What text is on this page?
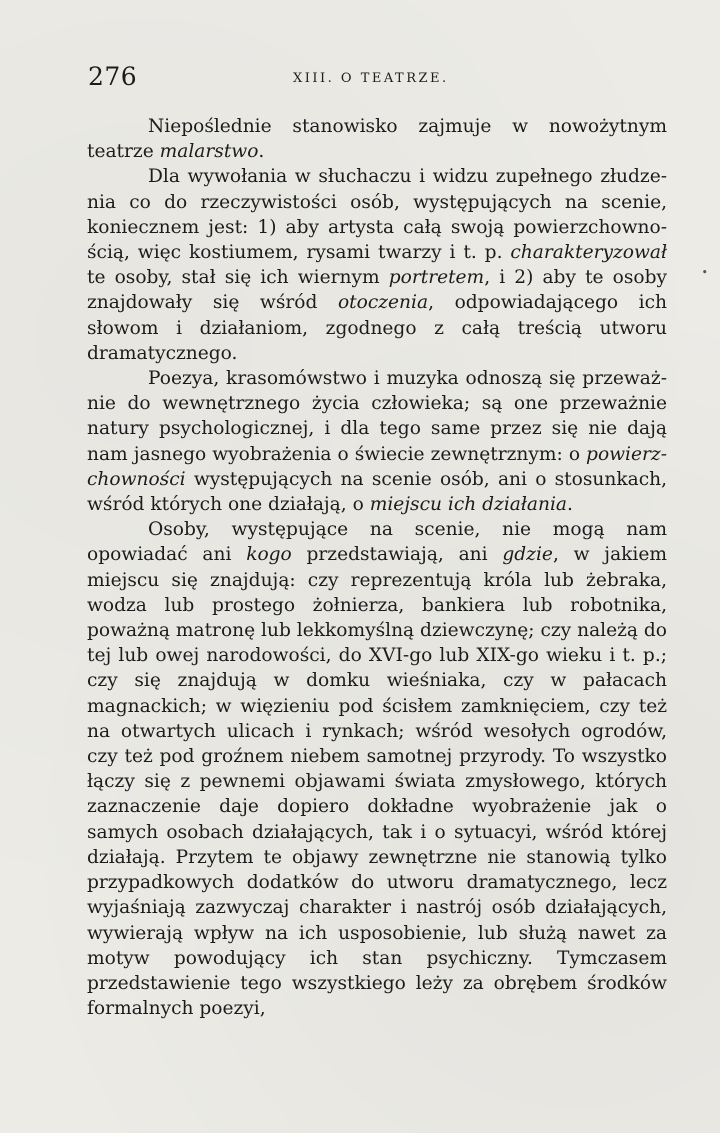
276	XIII. O TEATRZE.

Niepoślednie stanowisko zajmuje w nowożytnym teatrze malarstwo.

Dla wywołania w słuchaczu i widzu zupełnego złudzenia co do rzeczywistości osób, występujących na scenie, koniecznem jest: 1) aby artysta całą swoją powierzchownością, więc kostiumem, rysami twarzy i t. p. charakteryzował te osoby, stał się ich wiernym portretem, i 2) aby te osoby znajdowały się wśród otoczenia, odpowiadającego ich słowom i działaniom, zgodnego z całą treścią utworu dramatycznego.

Poezya, krasomówstwo i muzyka odnoszą się przeważnie do wewnętrznego życia człowieka; są one przeważnie natury psychologicznej, i dla tego same przez się nie dają nam jasnego wyobrażenia o świecie zewnętrznym: o powierzchowności występujących na scenie osób, ani o stosunkach, wśród których one działają, o miejscu ich działania.

Osoby, występujące na scenie, nie mogą nam opowiadać ani kogo przedstawiają, ani gdzie, w jakiem miejscu się znajdują: czy reprezentują króla lub żebraka, wodza lub prostego żołnierza, bankiera lub robotnika, poważną matronę lub lekkomyślną dziewczynę; czy należą do tej lub owej narodowości, do XVI-go lub XIX-go wieku i t. p.; czy się znajdują w domku wieśniaka, czy w pałacach magnackich; w więzieniu pod ścisłem zamknięciem, czy też na otwartych ulicach i rynkach; wśród wesołych ogrodów, czy też pod groźnem niebem samotnej przyrody. To wszystko łączy się z pewnemi objawami świata zmysłowego, których zaznaczenie daje dopiero dokładne wyobrażenie jak o samych osobach działających, tak i o sytuacyi, wśród której działają. Przytem te objawy zewnętrzne nie stanowią tylko przypadkowych dodatków do utworu dramatycznego, lecz wyjaśniają zazwyczaj charakter i nastrój osób działających, wywierają wpływ na ich usposobienie, lub służą nawet za motyw powodujący ich stan psychiczny. Tymczasem przedstawienie tego wszystkiego leży za obrębem środków formalnych poezyi,

•
